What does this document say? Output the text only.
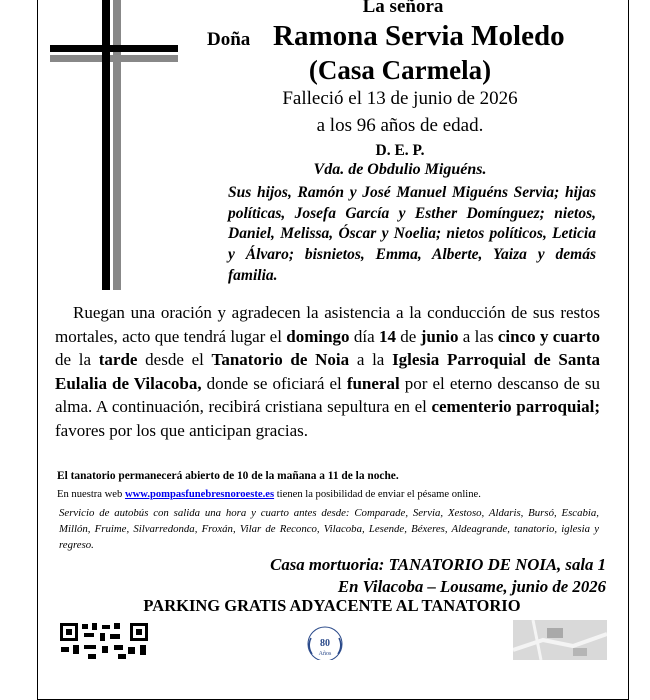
La señora
Doña Ramona Servia Moledo
(Casa Carmela)
Falleció el 13 de junio de 2026
a los 96 años de edad.
D. E. P.
Vda. de Obdulio Miguéns.

Sus hijos, Ramón y José Manuel Miguéns Servia; hijas políticas, Josefa García y Esther Domínguez; nietos, Daniel, Melissa, Óscar y Noelia; nietos políticos, Leticia y Álvaro; bisnietos, Emma, Alberte, Yaiza y demás familia.

Ruegan una oración y agradecen la asistencia a la conducción de sus restos mortales, acto que tendrá lugar el domingo día 14 de junio a las cinco y cuarto de la tarde desde el Tanatorio de Noia a la Iglesia Parroquial de Santa Eulalia de Vilacoba, donde se oficiará el funeral por el eterno descanso de su alma. A continuación, recibirá cristiana sepultura en el cementerio parroquial; favores por los que anticipan gracias.

El tanatorio permanecerá abierto de 10 de la mañana a 11 de la noche.
En nuestra web www.pompasfunebresnoroeste.es tienen la posibilidad de enviar el pésame online.

Servicio de autobús con salida una hora y cuarto antes desde: Comparade, Servia, Xestoso, Aldaris, Bursó, Escabia, Millón, Fruime, Silvarredonda, Froxán, Vilar de Reconco, Vilacoba, Lesende, Béxeres, Aldeagrande, tanatorio, iglesia y regreso.

Casa mortuoria: TANATORIO DE NOIA, sala 1
En Vilacoba – Lousame, junio de 2026
PARKING GRATIS ADYACENTE AL TANATORIO
80
Años
